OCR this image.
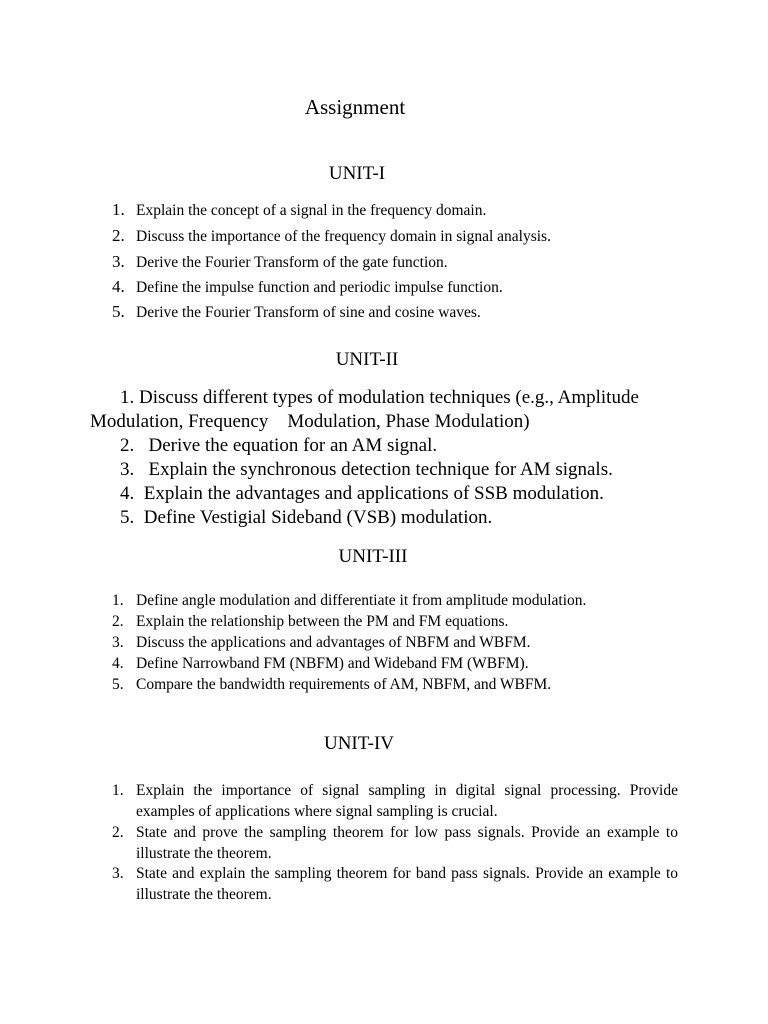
Assignment
UNIT-I
1. Explain the concept of a signal in the frequency domain.
2. Discuss the importance of the frequency domain in signal analysis.
3. Derive the Fourier Transform of the gate function.
4. Define the impulse function and periodic impulse function.
5. Derive the Fourier Transform of sine and cosine waves.
UNIT-II
1. Discuss different types of modulation techniques (e.g., Amplitude
Modulation, Frequency    Modulation, Phase Modulation)
2. Derive the equation for an AM signal.
3. Explain the synchronous detection technique for AM signals.
4. Explain the advantages and applications of SSB modulation.
5. Define Vestigial Sideband (VSB) modulation.
UNIT-III
1. Define angle modulation and differentiate it from amplitude modulation.
2. Explain the relationship between the PM and FM equations.
3. Discuss the applications and advantages of NBFM and WBFM.
4. Define Narrowband FM (NBFM) and Wideband FM (WBFM).
5. Compare the bandwidth requirements of AM, NBFM, and WBFM.
UNIT-IV
1. Explain the importance of signal sampling in digital signal processing. Provide examples of applications where signal sampling is crucial.
2. State and prove the sampling theorem for low pass signals. Provide an example to illustrate the theorem.
3. State and explain the sampling theorem for band pass signals. Provide an example to illustrate the theorem.
